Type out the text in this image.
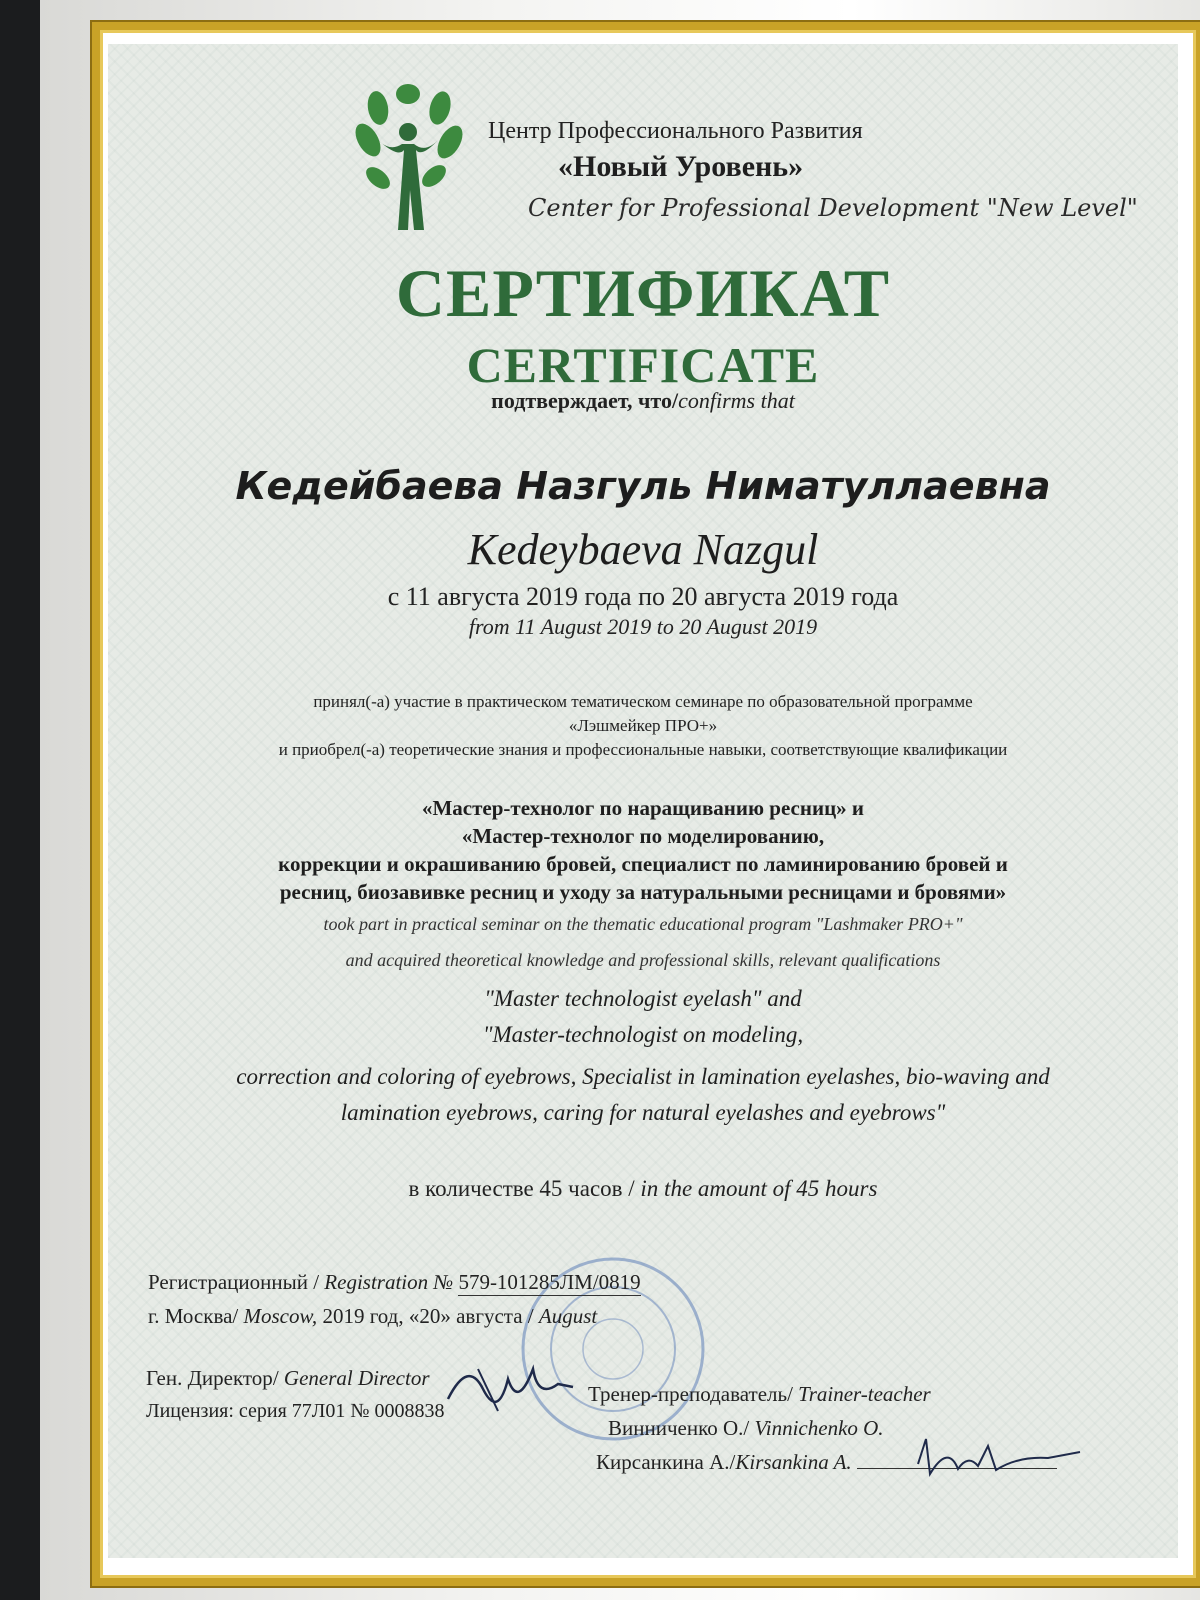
Центр Профессионального Развития
«Новый Уровень»
Center for Professional Development "New Level"
СЕРТИФИКАТ
CERTIFICATE
подтверждает, что/confirms that
Кедейбаева Назгуль Ниматуллаевна
Kedeybaeva Nazgul
с 11 августа 2019 года по 20 августа 2019 года
from 11 August 2019 to 20 August 2019
принял(-а) участие в практическом тематическом семинаре по образовательной программе
«Лэшмейкер ПРО+»
и приобрел(-а) теоретические знания и профессиональные навыки, соответствующие квалификации
«Мастер-технолог по наращиванию ресниц» и
«Мастер-технолог по моделированию,
коррекции и окрашиванию бровей, специалист по ламинированию бровей и
ресниц, биозавивке ресниц и уходу за натуральными ресницами и бровями»
took part in practical seminar on the thematic educational program "Lashmaker PRO+"
and acquired theoretical knowledge and professional skills, relevant qualifications
"Master technologist eyelash" and
"Master-technologist on modeling,
correction and coloring of eyebrows, Specialist in lamination eyelashes, bio-waving and
lamination eyebrows, caring for natural eyelashes and eyebrows"
в количестве 45 часов / in the amount of 45 hours
Регистрационный / Registration № 579-101285ЛМ/0819
г. Москва/ Moscow, 2019 год, «20» августа / August
Ген. Директор/ General Director
Лицензия: серия 77Л01 № 0008838
Тренер-преподаватель/ Trainer-teacher
Винниченко О./ Vinnichenko O.
Кирсанкина А./Kirsankina A.
